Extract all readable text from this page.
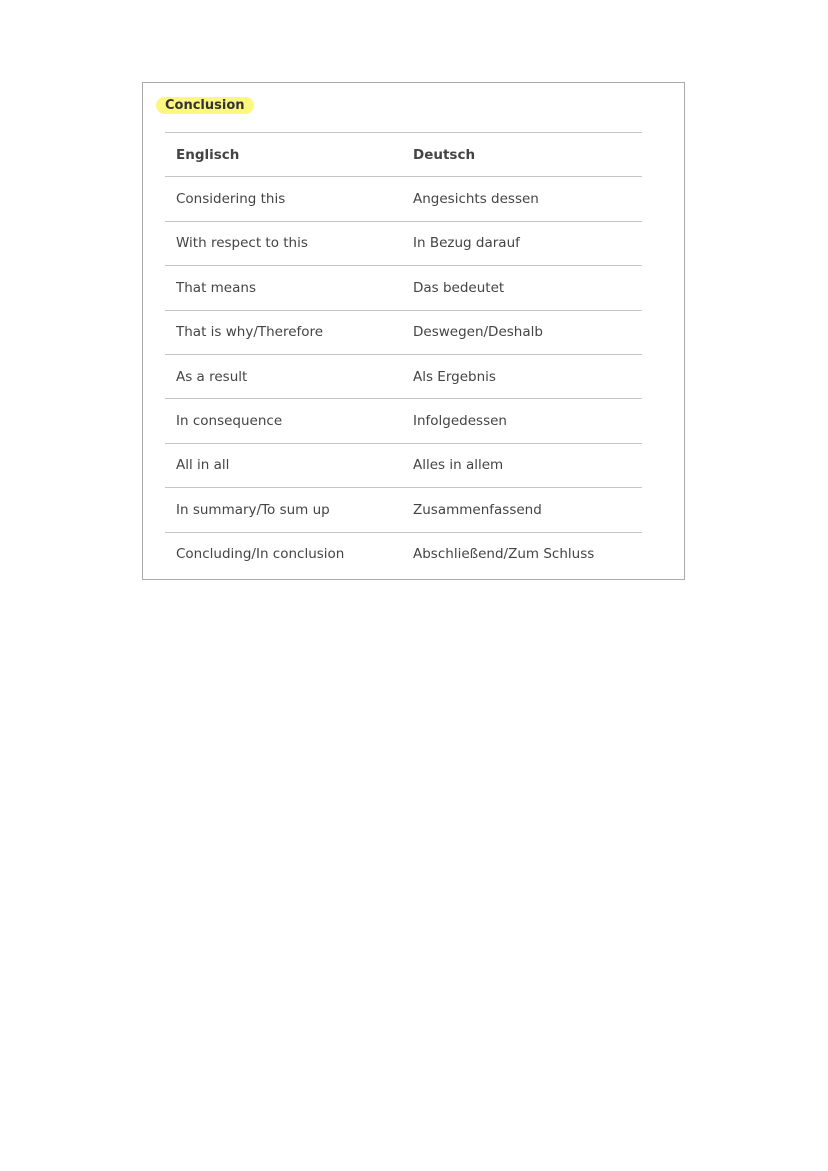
Conclusion
Englisch	Deutsch
Considering this	Angesichts dessen
With respect to this	In Bezug darauf
That means	Das bedeutet
That is why/Therefore	Deswegen/Deshalb
As a result	Als Ergebnis
In consequence	Infolgedessen
All in all	Alles in allem
In summary/To sum up	Zusammenfassend
Concluding/In conclusion	Abschließend/Zum Schluss
